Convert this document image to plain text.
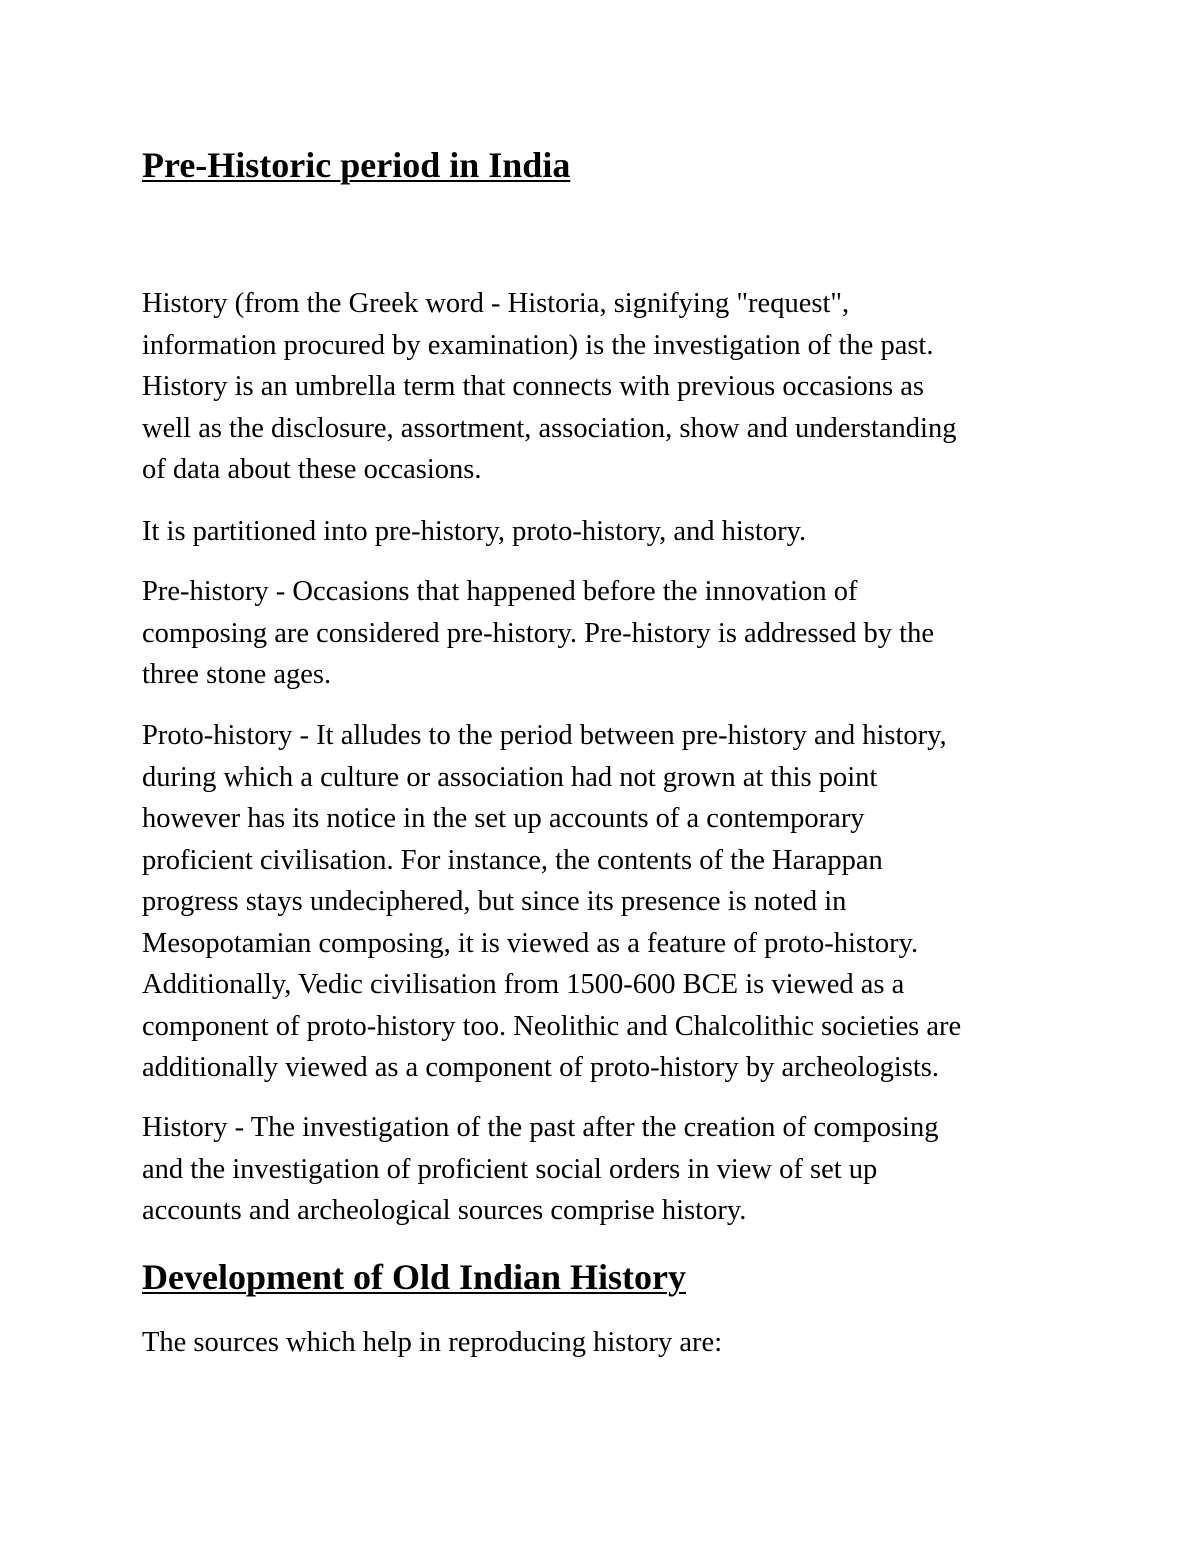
Pre-Historic period in India

History (from the Greek word - Historia, signifying "request",
information procured by examination) is the investigation of the past.
History is an umbrella term that connects with previous occasions as
well as the disclosure, assortment, association, show and understanding
of data about these occasions.

It is partitioned into pre-history, proto-history, and history.

Pre-history - Occasions that happened before the innovation of
composing are considered pre-history. Pre-history is addressed by the
three stone ages.

Proto-history - It alludes to the period between pre-history and history,
during which a culture or association had not grown at this point
however has its notice in the set up accounts of a contemporary
proficient civilisation. For instance, the contents of the Harappan
progress stays undeciphered, but since its presence is noted in
Mesopotamian composing, it is viewed as a feature of proto-history.
Additionally, Vedic civilisation from 1500-600 BCE is viewed as a
component of proto-history too. Neolithic and Chalcolithic societies are
additionally viewed as a component of proto-history by archeologists.

History - The investigation of the past after the creation of composing
and the investigation of proficient social orders in view of set up
accounts and archeological sources comprise history.

Development of Old Indian History

The sources which help in reproducing history are:
